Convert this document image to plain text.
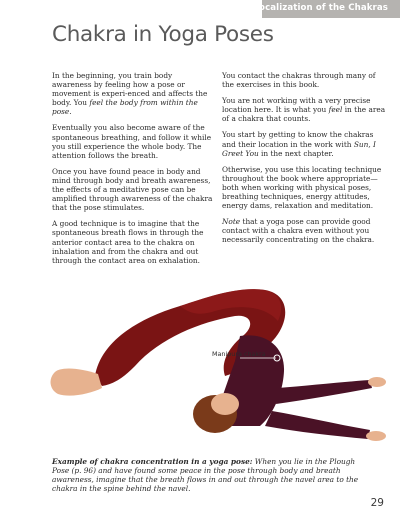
Localization of the Chakras
Chakra in Yoga Poses

In the beginning, you train body awareness by feeling how a pose or movement is experi-enced and affects the body. You feel the body from within the pose.

Eventually you also become aware of the spontaneous breathing, and follow it while you still experience the whole body. The attention follows the breath.

Once you have found peace in body and mind through body and breath awareness, the effects of a meditative pose can be amplified through awareness of the chakra that the pose stimulates.

A good technique is to imagine that the spontaneous breath flows in through the anterior contact area to the chakra on inhalation and from the chakra and out through the contact area on exhalation.

You contact the chakras through many of the exercises in this book.

You are not working with a very precise location here. It is what you feel in the area of a chakra that counts.

You start by getting to know the chakras and their location in the work with Sun, I Greet You in the next chapter.

Otherwise, you use this locating technique throughout the book where appropriate—both when working with physical poses, breathing techniques, energy attitudes, energy dams, relaxation and meditation.

Note that a yoga pose can provide good contact with a chakra even without you necessarily concentrating on the chakra.

Manipura chakra
Example of chakra concentration in a yoga pose: When you lie in the Plough Pose (p. 96) and have found some peace in the pose through body and breath awareness, imagine that the breath flows in and out through the navel area to the chakra in the spine behind the navel.
29
